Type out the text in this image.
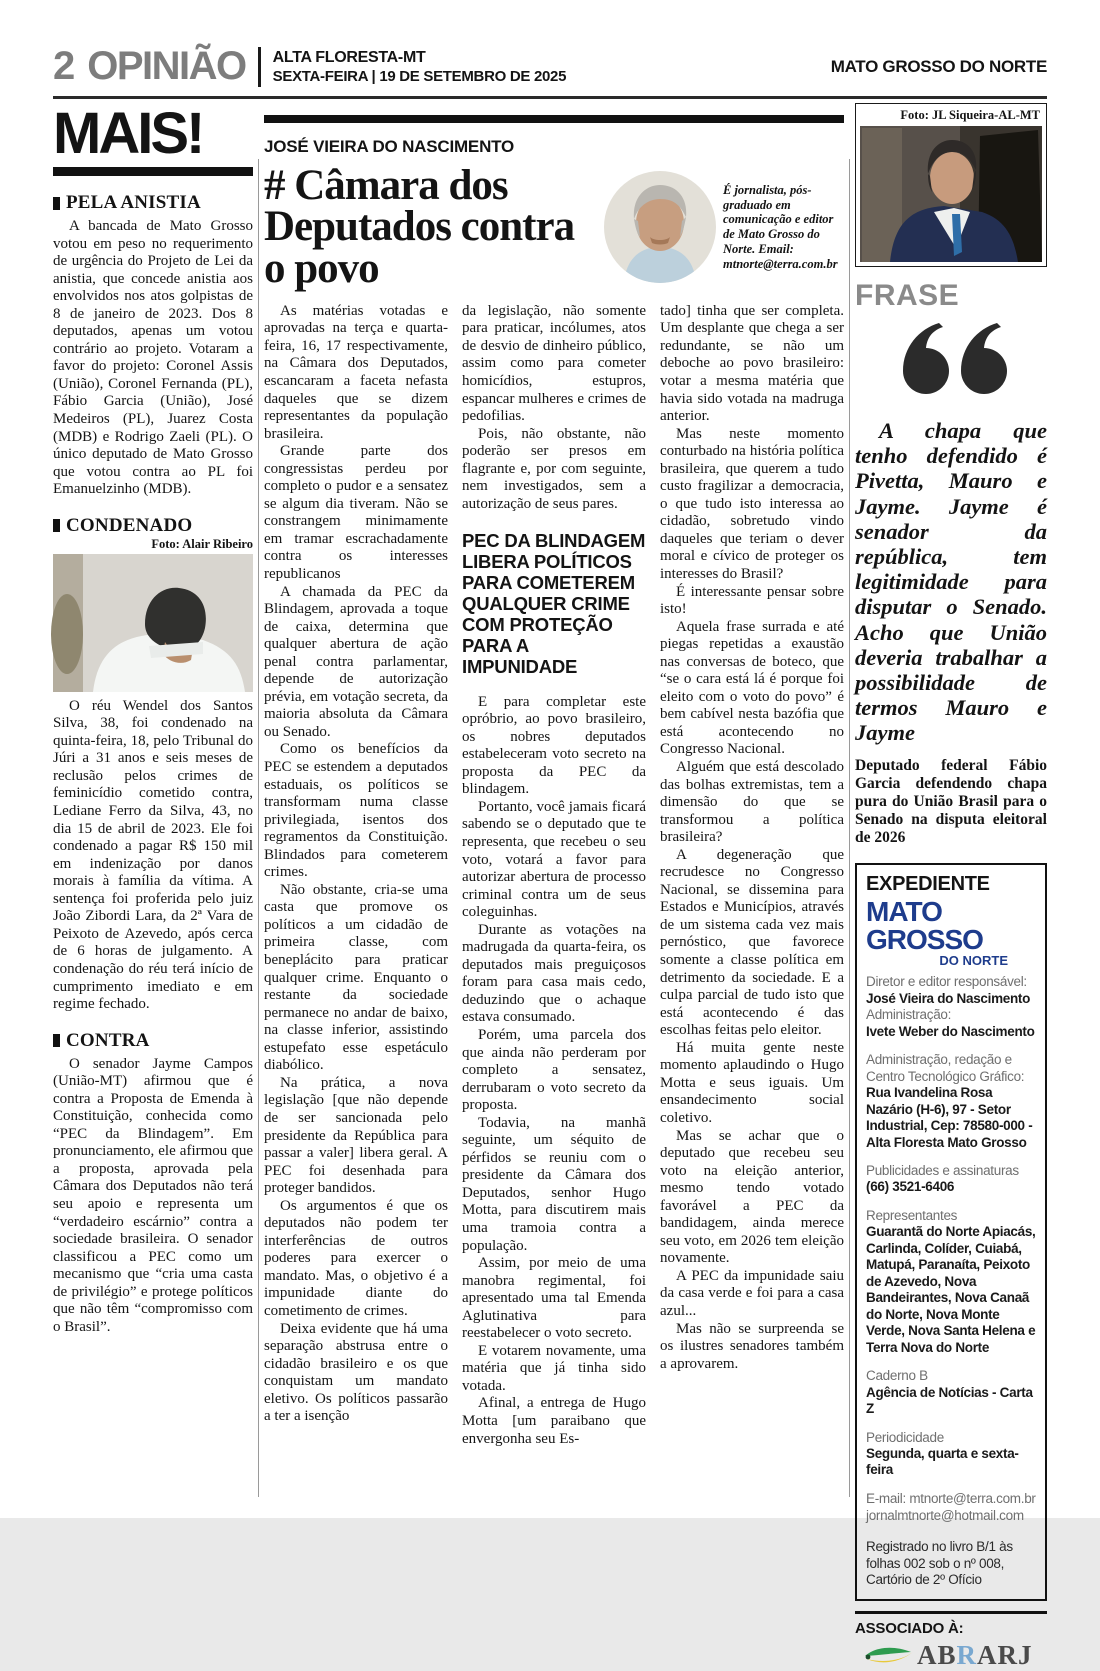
2 OPINIÃO ALTA FLORESTA-MT
SEXTA-FEIRA | 19 DE SETEMBRO DE 2025
MATO GROSSO DO NORTE
MAIS!
PELA ANISTIA

A bancada de Mato Grosso votou em peso no requerimento de urgência do Projeto de Lei da anistia, que concede anistia aos envolvidos nos atos golpistas de 8 de janeiro de 2023. Dos 8 deputados, apenas um votou contrário ao projeto. Votaram a favor do projeto: Coronel Assis (União), Coronel Fernanda (PL), Fábio Garcia (União), José Medeiros (PL), Juarez Costa (MDB) e Rodrigo Zaeli (PL). O único deputado de Mato Grosso que votou contra ao PL foi Emanuelzinho (MDB).

CONDENADO

Foto: Alair Ribeiro

O réu Wendel dos Santos Silva, 38, foi condenado na quinta-feira, 18, pelo Tribunal do Júri a 31 anos e seis meses de reclusão pelos crimes de feminicídio cometido contra, Lediane Ferro da Silva, 43, no dia 15 de abril de 2023. Ele foi condenado a pagar R$ 150 mil em indenização por danos morais à família da vítima. A sentença foi proferida pelo juiz João Zibordi Lara, da 2ª Vara de Peixoto de Azevedo, após cerca de 6 horas de julgamento. A condenação do réu terá início de cumprimento imediato e em regime fechado.

CONTRA

O senador Jayme Campos (União-MT) afirmou que é contra a Proposta de Emenda à Constituição, conhecida como “PEC da Blindagem”. Em pronunciamento, ele afirmou que a proposta, aprovada pela Câmara dos Deputados não terá seu apoio e representa um “verdadeiro escárnio” contra a sociedade brasileira. O senador classificou a PEC como um mecanismo que “cria uma casta de privilégio” e protege políticos que não têm “compromisso com o Brasil”.

JOSÉ VIEIRA DO NASCIMENTO
# Câmara dos Deputados contra o povo
É jornalista, pós-graduado em comunicação e editor de Mato Grosso do Norte. Email: mtnorte@terra.com.br

As matérias votadas e aprovadas na terça e quarta-feira, 16, 17 respectivamente, na Câmara dos Deputados, escancaram a faceta nefasta daqueles que se dizem representantes da população brasileira.

Grande parte dos congressistas perdeu por completo o pudor e a sensatez se algum dia tiveram. Não se constrangem minimamente em tramar escrachadamente contra os interesses republicanos

A chamada da PEC da Blindagem, aprovada a toque de caixa, determina que qualquer abertura de ação penal contra parlamentar, depende de autorização prévia, em votação secreta, da maioria absoluta da Câmara ou Senado.

Como os benefícios da PEC se estendem a deputados estaduais, os políticos se transformam numa classe privilegiada, isentos dos regramentos da Constituição. Blindados para cometerem crimes.

Não obstante, cria-se uma casta que promove os políticos a um cidadão de primeira classe, com beneplácito para praticar qualquer crime. Enquanto o restante da sociedade permanece no andar de baixo, na classe inferior, assistindo estupefato esse espetáculo diabólico.

Na prática, a nova legislação [que não depende de ser sancionada pelo presidente da República para passar a valer] libera geral. A PEC foi desenhada para proteger bandidos.

Os argumentos é que os deputados não podem ter interferências de outros poderes para exercer o mandato. Mas, o objetivo é a impunidade diante do cometimento de crimes.

Deixa evidente que há uma separação abstrusa entre o cidadão brasileiro e os que conquistam um mandato eletivo. Os políticos passarão a ter a isenção

da legislação, não somente para praticar, incólumes, atos de desvio de dinheiro público, assim como para cometer homicídios, estupros, espancar mulheres e crimes de pedofilias.

Pois, não obstante, não poderão ser presos em flagrante e, por com seguinte, nem investigados, sem a autorização de seus pares.

PEC DA BLINDAGEM LIBERA POLÍTICOS PARA COMETEREM QUALQUER CRIME COM PROTEÇÃO PARA A IMPUNIDADE

E para completar este opróbrio, ao povo brasileiro, os nobres deputados estabeleceram voto secreto na proposta da PEC da blindagem.

Portanto, você jamais ficará sabendo se o deputado que te representa, que recebeu o seu voto, votará a favor para autorizar abertura de processo criminal contra um de seus coleguinhas.

Durante as votações na madrugada da quarta-feira, os deputados mais preguiçosos foram para casa mais cedo, deduzindo que o achaque estava consumado.

Porém, uma parcela dos que ainda não perderam por completo a sensatez, derrubaram o voto secreto da proposta.

Todavia, na manhã seguinte, um séquito de pérfidos se reuniu com o presidente da Câmara dos Deputados, senhor Hugo Motta, para discutirem mais uma tramoia contra a população.

Assim, por meio de uma manobra regimental, foi apresentado uma tal Emenda Aglutinativa para reestabelecer o voto secreto.

E votarem novamente, uma matéria que já tinha sido votada.

Afinal, a entrega de Hugo Motta [um paraibano que envergonha seu Es-

tado] tinha que ser completa. Um desplante que chega a ser redundante, se não um deboche ao povo brasileiro: votar a mesma matéria que havia sido votada na madruga anterior.

Mas neste momento conturbado na história política brasileira, que querem a tudo custo fragilizar a democracia, o que tudo isto interessa ao cidadão, sobretudo vindo daqueles que teriam o dever moral e cívico de proteger os interesses do Brasil?

É interessante pensar sobre isto!

Aquela frase surrada e até piegas repetidas a exaustão nas conversas de boteco, que “se o cara está lá é porque foi eleito com o voto do povo” é bem cabível nesta bazófia que está acontecendo no Congresso Nacional.

Alguém que está descolado das bolhas extremistas, tem a dimensão do que se transformou a política brasileira?

A degeneração que recrudesce no Congresso Nacional, se dissemina para Estados e Municípios, através de um sistema cada vez mais pernóstico, que favorece somente a classe política em detrimento da sociedade. E a culpa parcial de tudo isto que está acontecendo é das escolhas feitas pelo eleitor.

Há muita gente neste momento aplaudindo o Hugo Motta e seus iguais. Um ensandecimento social coletivo.

Mas se achar que o deputado que recebeu seu voto na eleição anterior, mesmo tendo votado favorável a PEC da bandidagem, ainda merece seu voto, em 2026 tem eleição novamente.

A PEC da impunidade saiu da casa verde e foi para a casa azul...

Mas não se surpreenda se os ilustres senadores também a aprovarem.

Foto: JL Siqueira-AL-MT
FRASE
A chapa que tenho defendido é Pivetta, Mauro e Jayme. Jayme é senador da república, tem legitimidade para disputar o Senado. Acho que União deveria trabalhar a possibilidade de termos Mauro e Jayme
Deputado federal Fábio Garcia defendendo chapa pura do União Brasil para o Senado na disputa eleitoral de 2026
EXPEDIENTE
MATO GROSSO
DO NORTE
Diretor e editor responsável:
José Vieira do Nascimento
Administração:
Ivete Weber do Nascimento
Administração, redação e Centro Tecnológico Gráfico:
Rua Ivandelina Rosa Nazário (H-6), 97 - Setor Industrial, Cep: 78580-000 - Alta Floresta Mato Grosso
Publicidades e assinaturas
(66) 3521-6406
Representantes
Guarantã do Norte Apiacás, Carlinda, Colíder, Cuiabá, Matupá, Paranaíta, Peixoto de Azevedo, Nova Bandeirantes, Nova Canaã do Norte, Nova Monte Verde, Nova Santa Helena e Terra Nova do Norte
Caderno B
Agência de Notícias - Carta Z
Periodicidade
Segunda, quarta e sexta-feira

E-mail: mtnorte@terra.com.br

jornalmtnorte@hotmail.com

Registrado no livro B/1 às folhas 002 sob o nº 008, Cartório de 2º Ofício
ASSOCIADO À:
ABRARJ
